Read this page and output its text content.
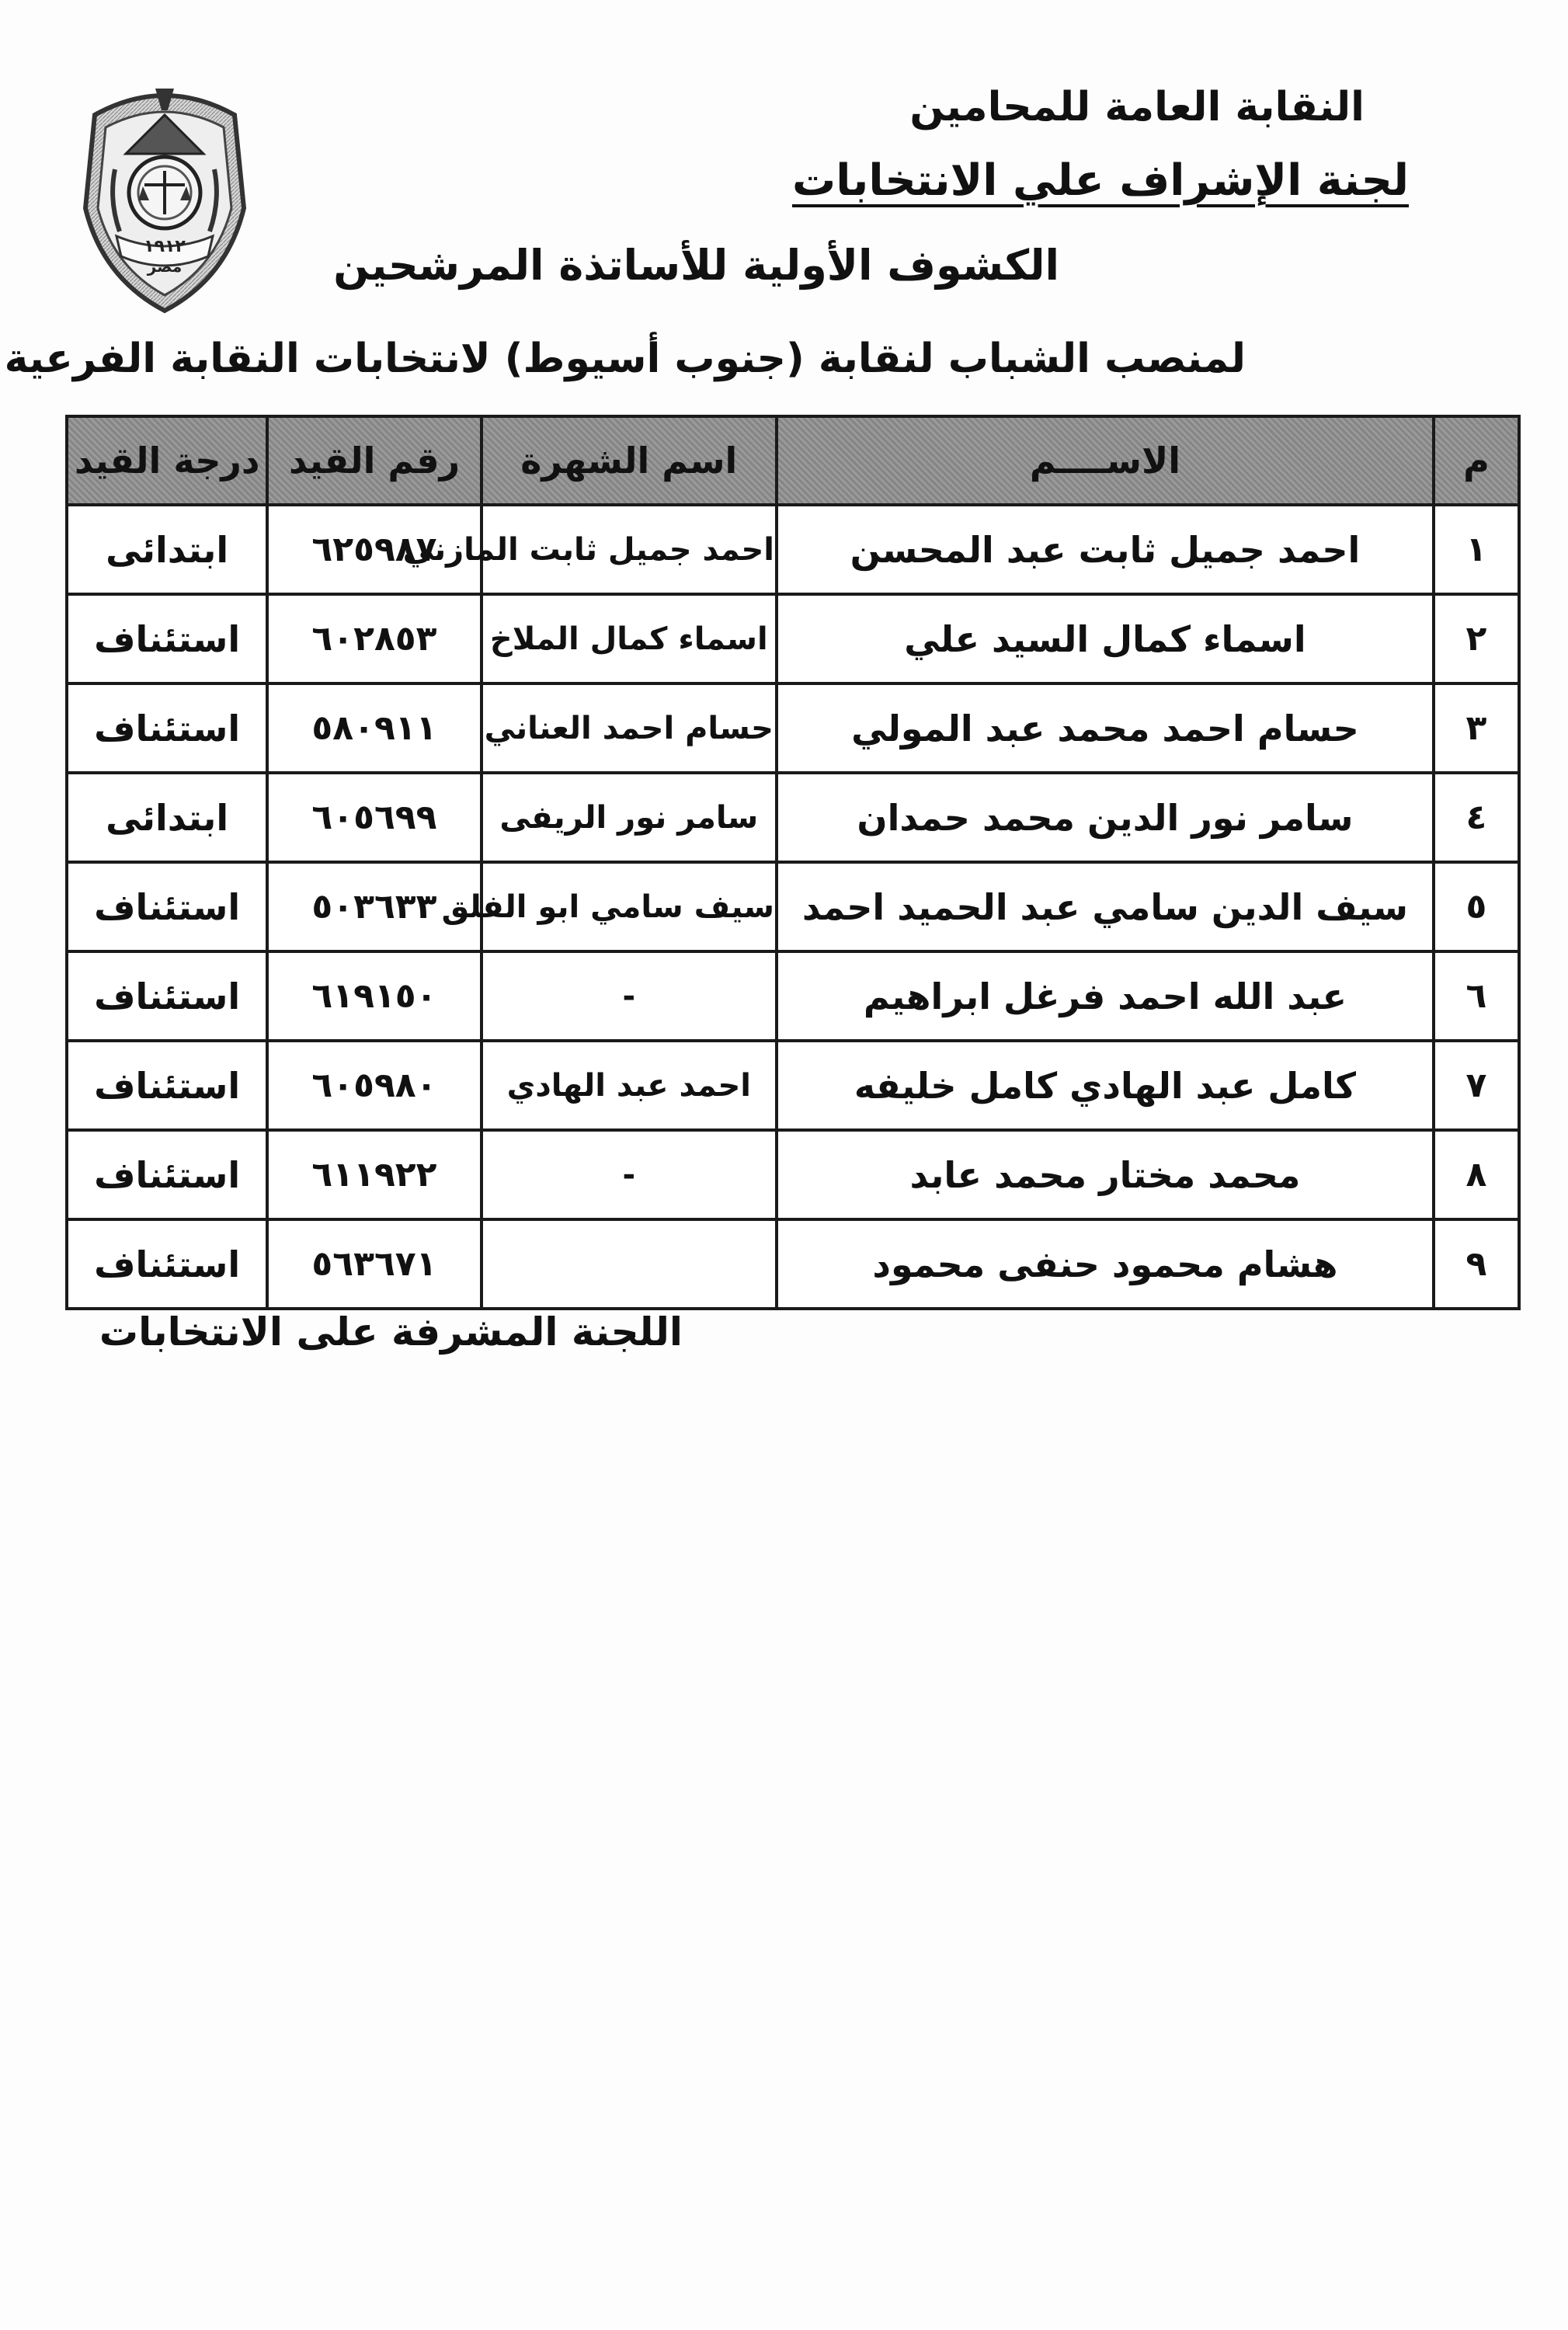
١٩١٢
مصر
النقابة العامة للمحامين
لجنة الإشراف علي الانتخابات
الكشوف الأولية للأساتذة المرشحين
لمنصب الشباب لنقابة (جنوب أسيوط) لانتخابات النقابة الفرعية
م	الاســــم	اسم الشهرة	رقم القيد	درجة القيد
١	احمد جميل ثابت عبد المحسن	احمد جميل ثابت المازني	٦٢٥٩٨٧	ابتدائى
٢	اسماء كمال السيد علي	اسماء كمال الملاخ	٦٠٢٨٥٣	استئناف
٣	حسام احمد محمد عبد المولي	حسام احمد العناني	٥٨٠٩١١	استئناف
٤	سامر نور الدين محمد حمدان	سامر نور الريفى	٦٠٥٦٩٩	ابتدائى
٥	سيف الدين سامي عبد الحميد احمد	سيف سامي ابو الفلق	٥٠٣٦٣٣	استئناف
٦	عبد الله احمد فرغل ابراهيم	-	٦١٩١٥٠	استئناف
٧	كامل عبد الهادي كامل خليفه	احمد عبد الهادي	٦٠٥٩٨٠	استئناف
٨	محمد مختار محمد عابد	-	٦١١٩٢٢	استئناف
٩	هشام محمود حنفى محمود		٥٦٣٦٧١	استئناف
اللجنة المشرفة على الانتخابات
